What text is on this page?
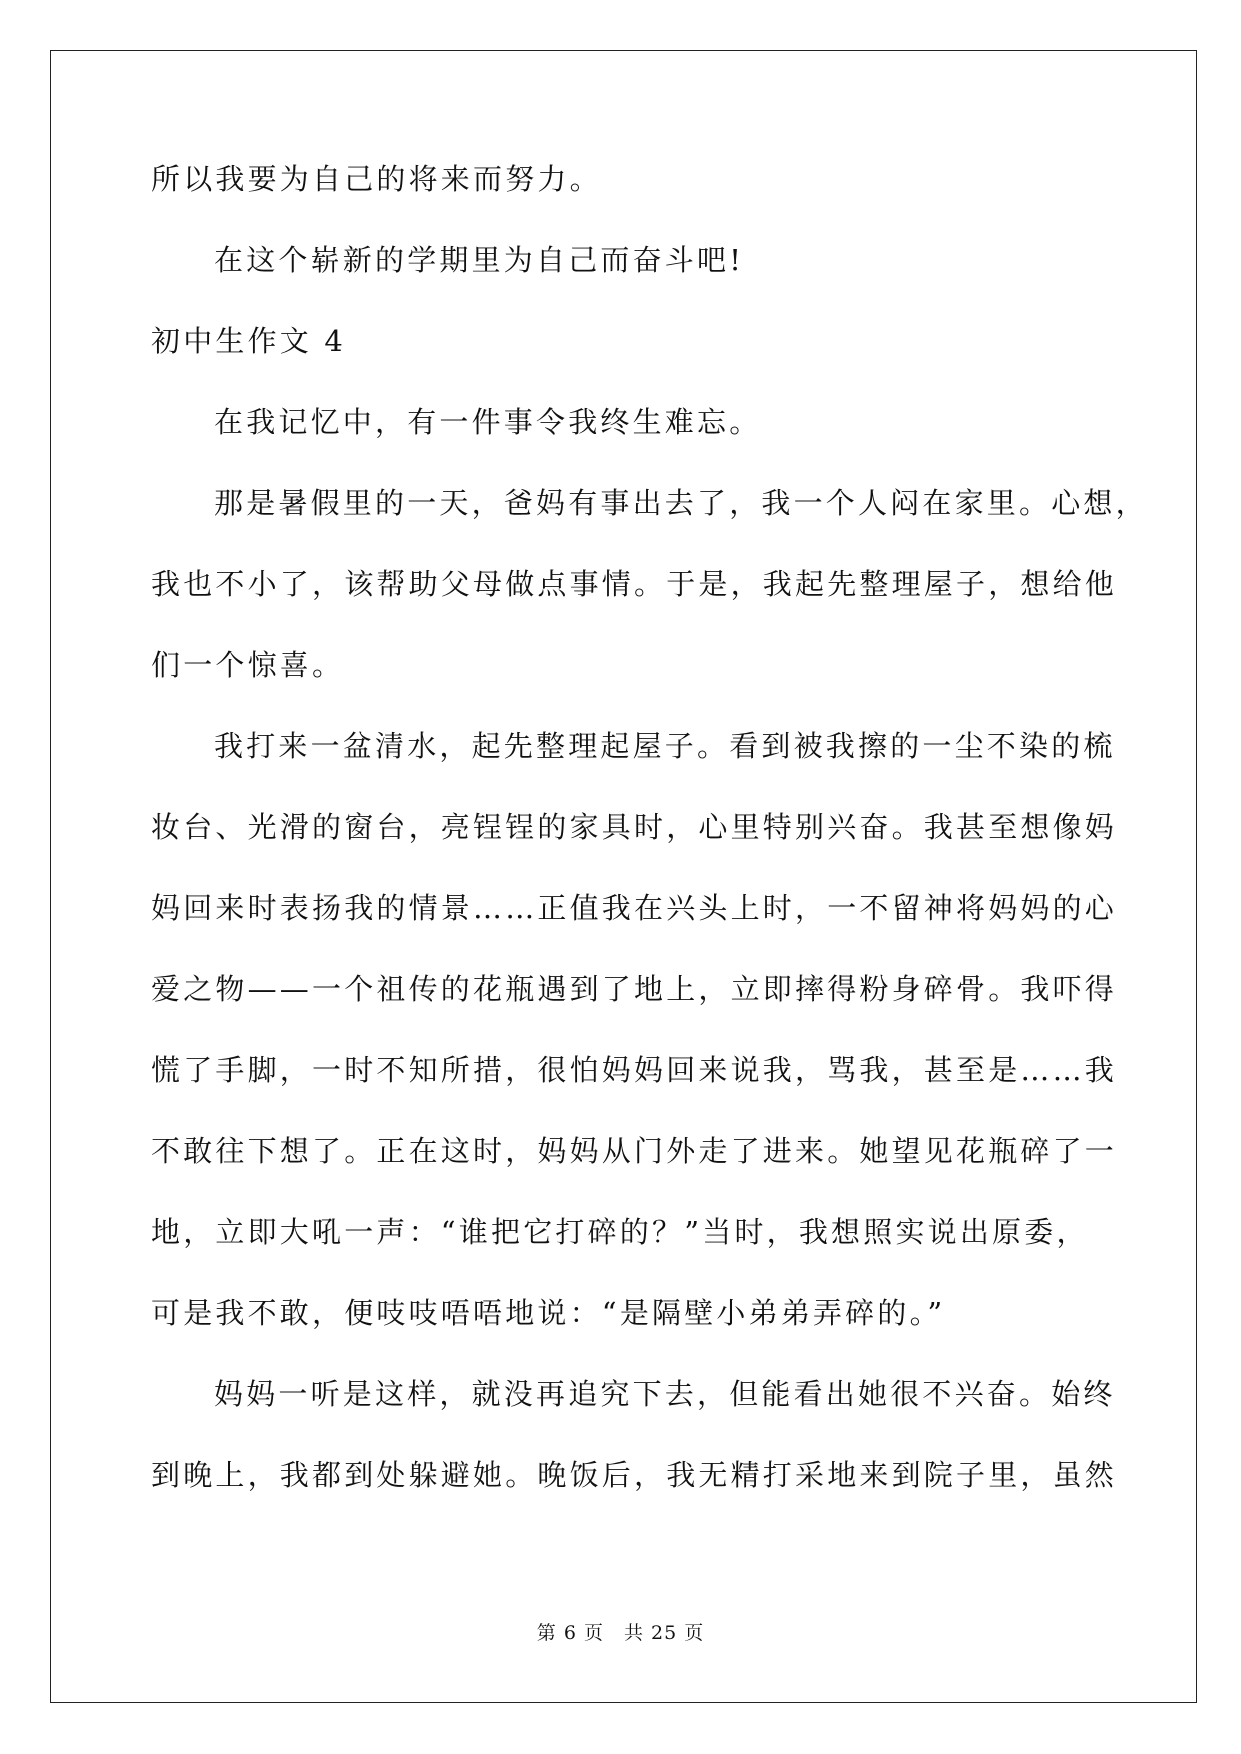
所以我要为自己的将来而努力。

在这个崭新的学期里为自己而奋斗吧!

初中生作文 4

在我记忆中，有一件事令我终生难忘。

那是暑假里的一天，爸妈有事出去了，我一个人闷在家里。心想，

我也不小了，该帮助父母做点事情。于是，我起先整理屋子，想给他

们一个惊喜。

我打来一盆清水，起先整理起屋子。看到被我擦的一尘不染的梳

妆台、光滑的窗台，亮锃锃的家具时，心里特别兴奋。我甚至想像妈

妈回来时表扬我的情景……正值我在兴头上时，一不留神将妈妈的心

爱之物——一个祖传的花瓶遇到了地上，立即摔得粉身碎骨。我吓得

慌了手脚，一时不知所措，很怕妈妈回来说我，骂我，甚至是……我

不敢往下想了。正在这时，妈妈从门外走了进来。她望见花瓶碎了一

地，立即大吼一声：“谁把它打碎的？”当时，我想照实说出原委，

可是我不敢，便吱吱唔唔地说：“是隔壁小弟弟弄碎的。”

妈妈一听是这样，就没再追究下去，但能看出她很不兴奋。始终

到晚上，我都到处躲避她。晚饭后，我无精打采地来到院子里，虽然

第 6 页　共 25 页
